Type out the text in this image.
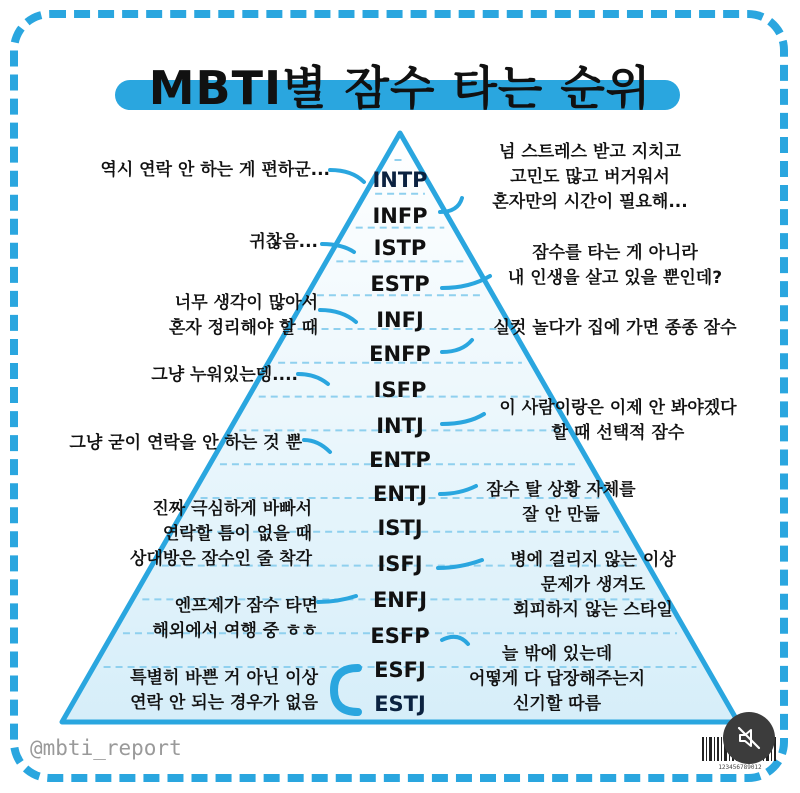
MBTI별 잠수 타는 순위
INTP
INFP
ISTP
ESTP
INFJ
ENFP
ISFP
INTJ
ENTP
ENTJ
ISTJ
ISFJ
ENFJ
ESFP
ESFJ
ESTJ
역시 연락 안 하는 게 편하군...
귀찮음...
너무 생각이 많아서
혼자 정리해야 할 때
그냥 누워있는뎅....
그냥 굳이 연락을 안 하는 것 뿐
진짜 극심하게 바빠서
연락할 틈이 없을 때
상대방은 잠수인 줄 착각
엔프제가 잠수 타면
해외에서 여행 중 ㅎㅎ
특별히 바쁜 거 아닌 이상
연락 안 되는 경우가 없음
넘 스트레스 받고 지치고
고민도 많고 버거워서
혼자만의 시간이 필요해...
잠수를 타는 게 아니라
내 인생을 살고 있을 뿐인데?
실컷 놀다가 집에 가면 종종 잠수
이 사람이랑은 이제 안 봐야겠다
할 때 선택적 잠수
잠수 탈 상황 자체를
잘 안 만듦
병에 걸리지 않는 이상
문제가 생겨도
회피하지 않는 스타일
늘 밖에 있는데
어떻게 다 답장해주는지
신기할 따름
@mbti_report
123456789012
